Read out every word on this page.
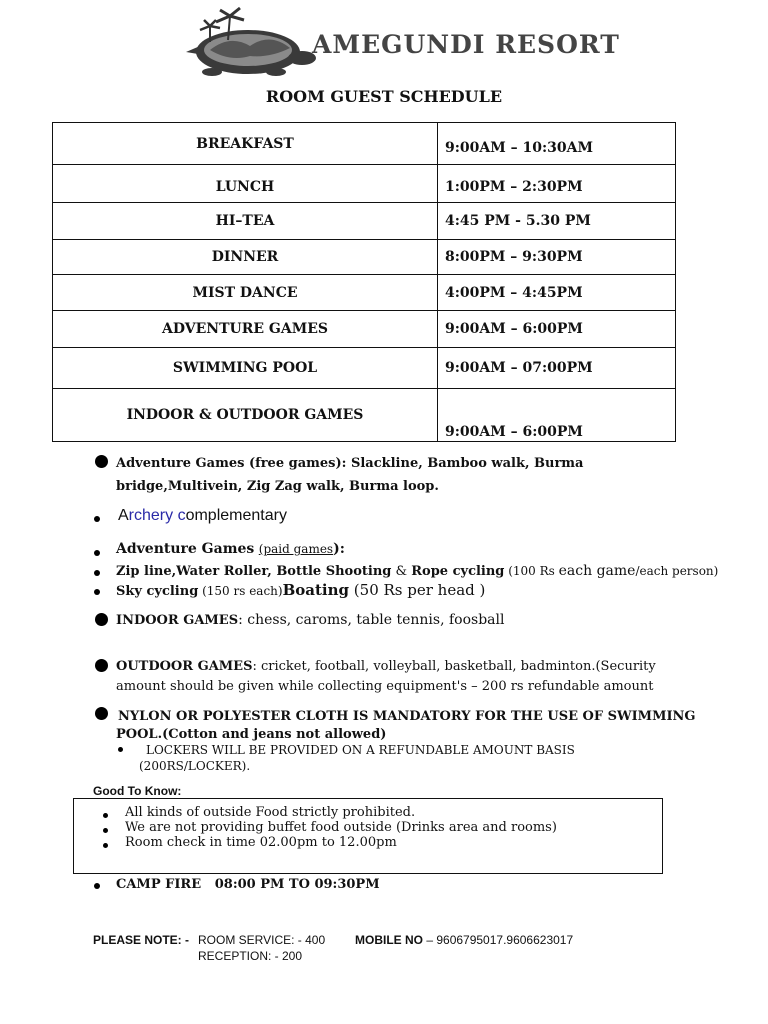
AMEGUNDI RESORT
ROOM GUEST SCHEDULE
BREAKFAST	9:00AM – 10:30AM
LUNCH	1:00PM – 2:30PM
HI–TEA	4:45 PM - 5.30 PM
DINNER	8:00PM – 9:30PM
MIST DANCE	4:00PM – 4:45PM
ADVENTURE GAMES	9:00AM – 6:00PM
SWIMMING POOL	9:00AM – 07:00PM
INDOOR & OUTDOOR GAMES	9:00AM – 6:00PM
Adventure Games (free games): Slackline, Bamboo walk, Burma
bridge,Multivein, Zig Zag walk, Burma loop.
Archery complementary
Adventure Games (paid games):
Zip line,Water Roller, Bottle Shooting & Rope cycling (100 Rs each game/each person)
Sky cycling (150 rs each)Boating (50 Rs per head )
INDOOR GAMES: chess, caroms, table tennis, foosball
OUTDOOR GAMES: cricket, football, volleyball, basketball, badminton.(Security
amount should be given while collecting equipment's – 200 rs refundable amount
NYLON OR POLYESTER CLOTH IS MANDATORY FOR THE USE OF SWIMMING
POOL.(Cotton and jeans not allowed)
LOCKERS WILL BE PROVIDED ON A REFUNDABLE AMOUNT BASIS
(200RS/LOCKER).
Good To Know:
All kinds of outside Food strictly prohibited.
We are not providing buffet food outside (Drinks area and rooms)
Room check in time 02.00pm to 12.00pm
CAMP FIRE   08:00 PM TO 09:30PM
PLEASE NOTE: - ROOM SERVICE: - 400
RECEPTION: - 200
MOBILE NO – 9606795017.9606623017
